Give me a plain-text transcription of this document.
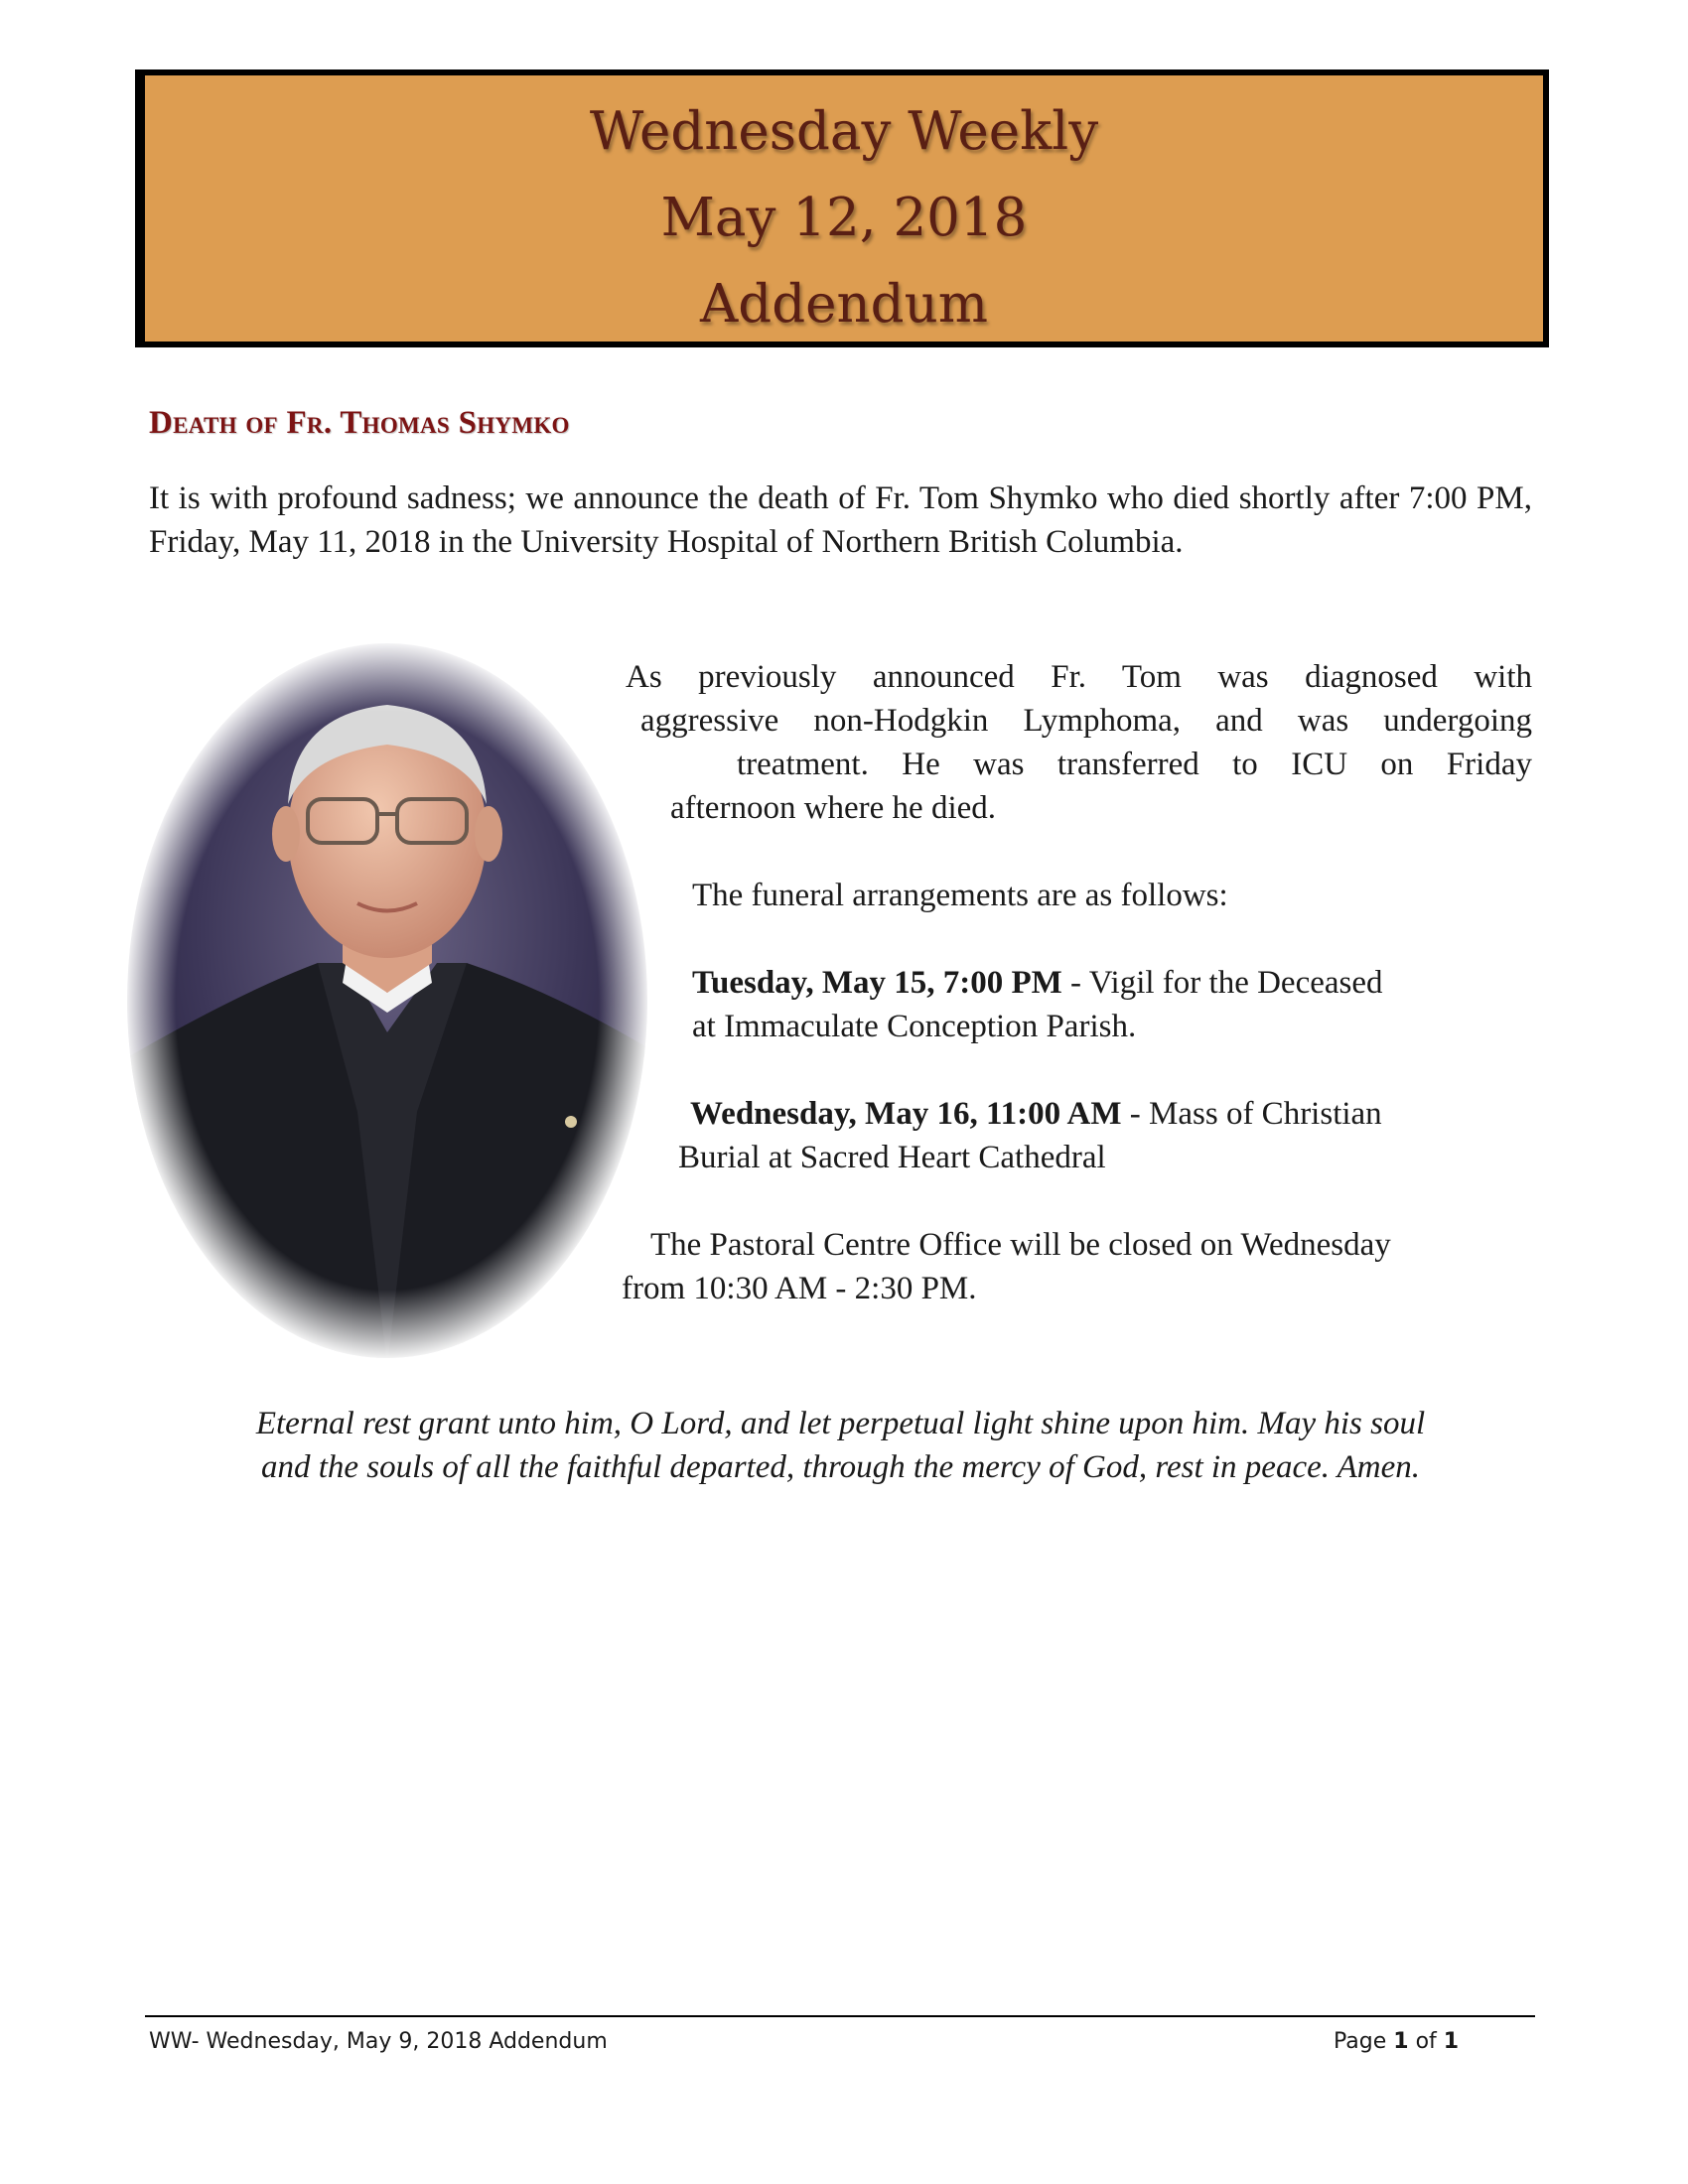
Wednesday Weekly
May 12, 2018
Addendum
Death of Fr. Thomas Shymko

It is with profound sadness; we announce the death of Fr. Tom Shymko who died shortly after 7:00 PM, Friday, May 11, 2018 in the University Hospital of Northern British Columbia.

As previously announced Fr. Tom was diagnosed with

aggressive non-Hodgkin Lymphoma, and was undergoing

treatment. He was transferred to ICU on Friday

afternoon where he died.

The funeral arrangements are as follows:

Tuesday, May 15, 7:00 PM - Vigil for the Deceased

at Immaculate Conception Parish.

Wednesday, May 16, 11:00 AM - Mass of Christian

Burial at Sacred Heart Cathedral

The Pastoral Centre Office will be closed on Wednesday

from 10:30 AM - 2:30 PM.

Eternal rest grant unto him, O Lord, and let perpetual light shine upon him. May his soul
and the souls of all the faithful departed, through the mercy of God, rest in peace. Amen.
WW- Wednesday, May 9, 2018 Addendum	Page 1 of 1
